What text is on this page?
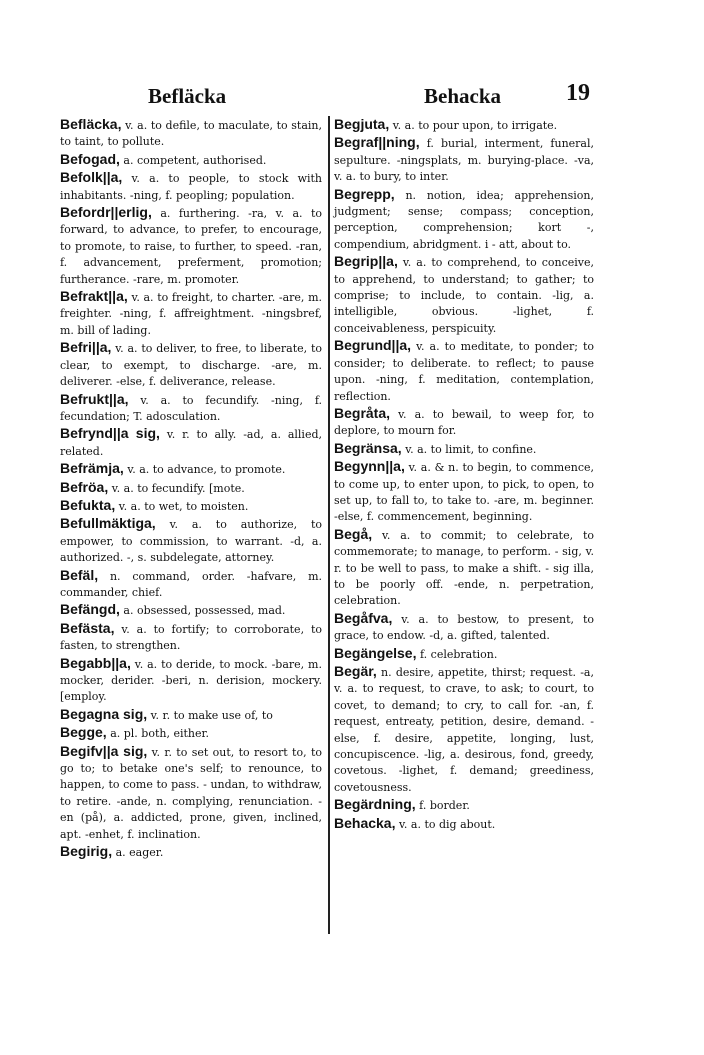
Befläcka	Behacka	19

Befläcka, v. a. to defile, to maculate, to stain, to taint, to pollute.

Befogad, a. competent, authorised.

Befolk||a, v. a. to people, to stock with inhabitants. -ning, f. peopling; population.

Befordr||erlig, a. furthering. -ra, v. a. to forward, to advance, to prefer, to encourage, to promote, to raise, to further, to speed. -ran, f. advancement, preferment, promotion; furtherance. -rare, m. promoter.

Befrakt||a, v. a. to freight, to charter. -are, m. freighter. -ning, f. affreightment. -ningsbref, m. bill of lading.

Befri||a, v. a. to deliver, to free, to liberate, to clear, to exempt, to discharge. -are, m. deliverer. -else, f. deliverance, release.

Befrukt||a, v. a. to fecundify. -ning, f. fecundation; T. adosculation.

Befrynd||a sig, v. r. to ally. -ad, a. allied, related.

Befrämja, v. a. to advance, to promote.

Befröa, v. a. to fecundify. [mote.

Befukta, v. a. to wet, to moisten.

Befullmäktiga, v. a. to authorize, to empower, to commission, to warrant. -d, a. authorized. -, s. subdelegate, attorney.

Befäl, n. command, order. -hafvare, m. commander, chief.

Befängd, a. obsessed, possessed, mad.

Befästa, v. a. to fortify; to corroborate, to fasten, to strengthen.

Begabb||a, v. a. to deride, to mock. -bare, m. mocker, derider. -beri, n. derision, mockery. [employ.

Begagna sig, v. r. to make use of, to

Begge, a. pl. both, either.

Begifv||a sig, v. r. to set out, to resort to, to go to; to betake one's self; to renounce, to happen, to come to pass. - undan, to withdraw, to retire. -ande, n. complying, renunciation. -en (på), a. addicted, prone, given, inclined, apt. -enhet, f. inclination.

Begirig, a. eager.

Begjuta, v. a. to pour upon, to irrigate.

Begraf||ning, f. burial, interment, funeral, sepulture. -ningsplats, m. burying-place. -va, v. a. to bury, to inter.

Begrepp, n. notion, idea; apprehension, judgment; sense; compass; conception, perception, comprehension; kort -, compendium, abridgment. i - att, about to.

Begrip||a, v. a. to comprehend, to conceive, to apprehend, to understand; to gather; to comprise; to include, to contain. -lig, a. intelligible, obvious. -lighet, f. conceivableness, perspicuity.

Begrund||a, v. a. to meditate, to ponder; to consider; to deliberate. to reflect; to pause upon. -ning, f. meditation, contemplation, reflection.

Begråta, v. a. to bewail, to weep for, to deplore, to mourn for.

Begränsa, v. a. to limit, to confine.

Begynn||a, v. a. & n. to begin, to commence, to come up, to enter upon, to pick, to open, to set up, to fall to, to take to. -are, m. beginner. -else, f. commencement, beginning.

Begå, v. a. to commit; to celebrate, to commemorate; to manage, to perform. - sig, v. r. to be well to pass, to make a shift. - sig illa, to be poorly off. -ende, n. perpetration, celebration.

Begåfva, v. a. to bestow, to present, to grace, to endow. -d, a. gifted, talented.

Begängelse, f. celebration.

Begär, n. desire, appetite, thirst; request. -a, v. a. to request, to crave, to ask; to court, to covet, to demand; to cry, to call for. -an, f. request, entreaty, petition, desire, demand. -else, f. desire, appetite, longing, lust, concupiscence. -lig, a. desirous, fond, greedy, covetous. -lighet, f. demand; greediness, covetousness.

Begärdning, f. border.

Behacka, v. a. to dig about.
